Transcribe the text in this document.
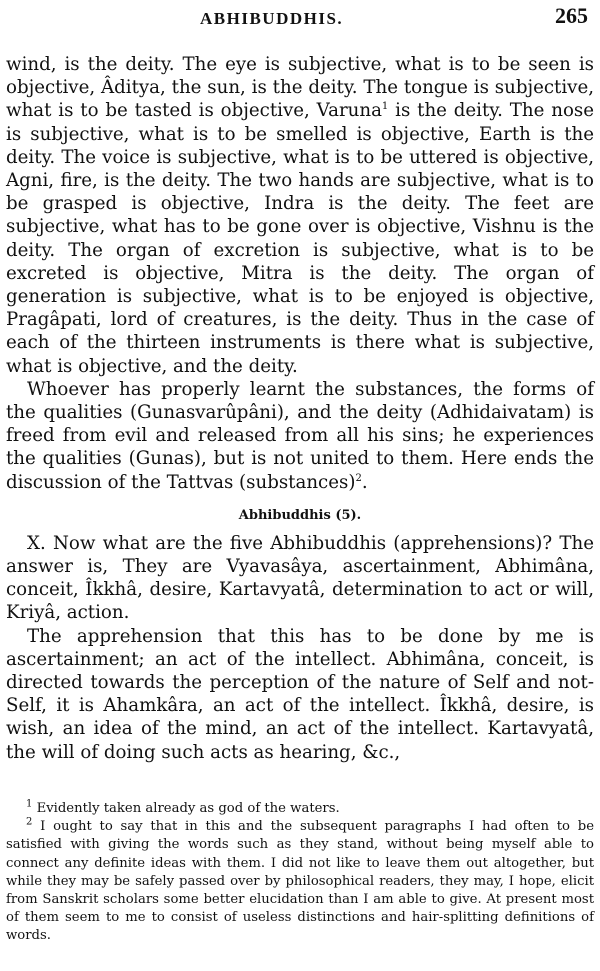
ABHIBUDDHIS.	265

wind, is the deity. The eye is subjective, what is to be seen is objective, Âditya, the sun, is the deity. The tongue is subjective, what is to be tasted is objective, Varuna$^1$ is the deity. The nose is subjective, what is to be smelled is objective, Earth is the deity. The voice is subjective, what is to be uttered is objective, Agni, fire, is the deity. The two hands are subjective, what is to be grasped is objective, Indra is the deity. The feet are subjective, what has to be gone over is objective, Vishnu is the deity. The organ of excretion is subjective, what is to be excreted is objective, Mitra is the deity. The organ of generation is subjective, what is to be enjoyed is objective, Pragâpati, lord of creatures, is the deity. Thus in the case of each of the thirteen instruments is there what is subjective, what is objective, and the deity.

Whoever has properly learnt the substances, the forms of the qualities (Gunasvarûpâni), and the deity (Adhidaivatam) is freed from evil and released from all his sins; he experiences the qualities (Gunas), but is not united to them. Here ends the discussion of the Tattvas (substances)$^2$.

Abhibuddhis (5).

X. Now what are the five Abhibuddhis (apprehensions)? The answer is, They are Vyavasâya, ascertainment, Abhimâna, conceit, Îkkhâ, desire, Kartavyatâ, determination to act or will, Kriyâ, action.

The apprehension that this has to be done by me is ascertainment; an act of the intellect. Abhimâna, conceit, is directed towards the perception of the nature of Self and not-Self, it is Ahamkâra, an act of the intellect. Îkkhâ, desire, is wish, an idea of the mind, an act of the intellect. Kartavyatâ, the will of doing such acts as hearing, &c.,

$^1$ Evidently taken already as god of the waters.

$^2$ I ought to say that in this and the subsequent paragraphs I had often to be satisfied with giving the words such as they stand, without being myself able to connect any definite ideas with them. I did not like to leave them out altogether, but while they may be safely passed over by philosophical readers, they may, I hope, elicit from Sanskrit scholars some better elucidation than I am able to give. At present most of them seem to me to consist of useless distinctions and hair-splitting definitions of words.
